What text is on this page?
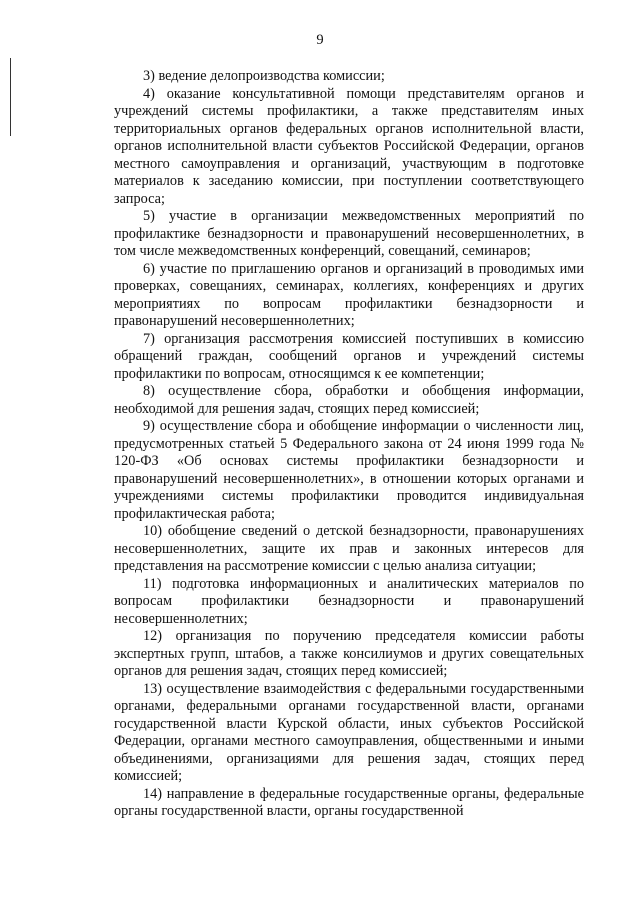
9

3) ведение делопроизводства комиссии;

4) оказание консультативной помощи представителям органов и учреждений системы профилактики, а также представителям иных территориальных органов федеральных органов исполнительной власти, органов исполнительной власти субъектов Российской Федерации, органов местного самоуправления и организаций, участвующим в подготовке материалов к заседанию комиссии, при поступлении соответствующего запроса;

5) участие в организации межведомственных мероприятий по профилактике безнадзорности и правонарушений несовершеннолетних, в том числе межведомственных конференций, совещаний, семинаров;

6) участие по приглашению органов и организаций в проводимых ими проверках, совещаниях, семинарах, коллегиях, конференциях и других мероприятиях по вопросам профилактики безнадзорности и правонарушений несовершеннолетних;

7) организация рассмотрения комиссией поступивших в комиссию обращений граждан, сообщений органов и учреждений системы профилактики по вопросам, относящимся к ее компетенции;

8) осуществление сбора, обработки и обобщения информации, необходимой для решения задач, стоящих перед комиссией;

9) осуществление сбора и обобщение информации о численности лиц, предусмотренных статьей 5 Федерального закона от 24 июня 1999 года № 120-ФЗ «Об основах системы профилактики безнадзорности и правонарушений несовершеннолетних», в отношении которых органами и учреждениями системы профилактики проводится индивидуальная профилактическая работа;

10) обобщение сведений о детской безнадзорности, правонарушениях несовершеннолетних, защите их прав и законных интересов для представления на рассмотрение комиссии с целью анализа ситуации;

11) подготовка информационных и аналитических материалов по вопросам профилактики безнадзорности и правонарушений несовершеннолетних;

12) организация по поручению председателя комиссии работы экспертных групп, штабов, а также консилиумов и других совещательных органов для решения задач, стоящих перед комиссией;

13) осуществление взаимодействия с федеральными государственными органами, федеральными органами государственной власти, органами государственной власти Курской области, иных субъектов Российской Федерации, органами местного самоуправления, общественными и иными объединениями, организациями для решения задач, стоящих перед комиссией;

14) направление в федеральные государственные органы, федеральные органы государственной власти, органы государственной
